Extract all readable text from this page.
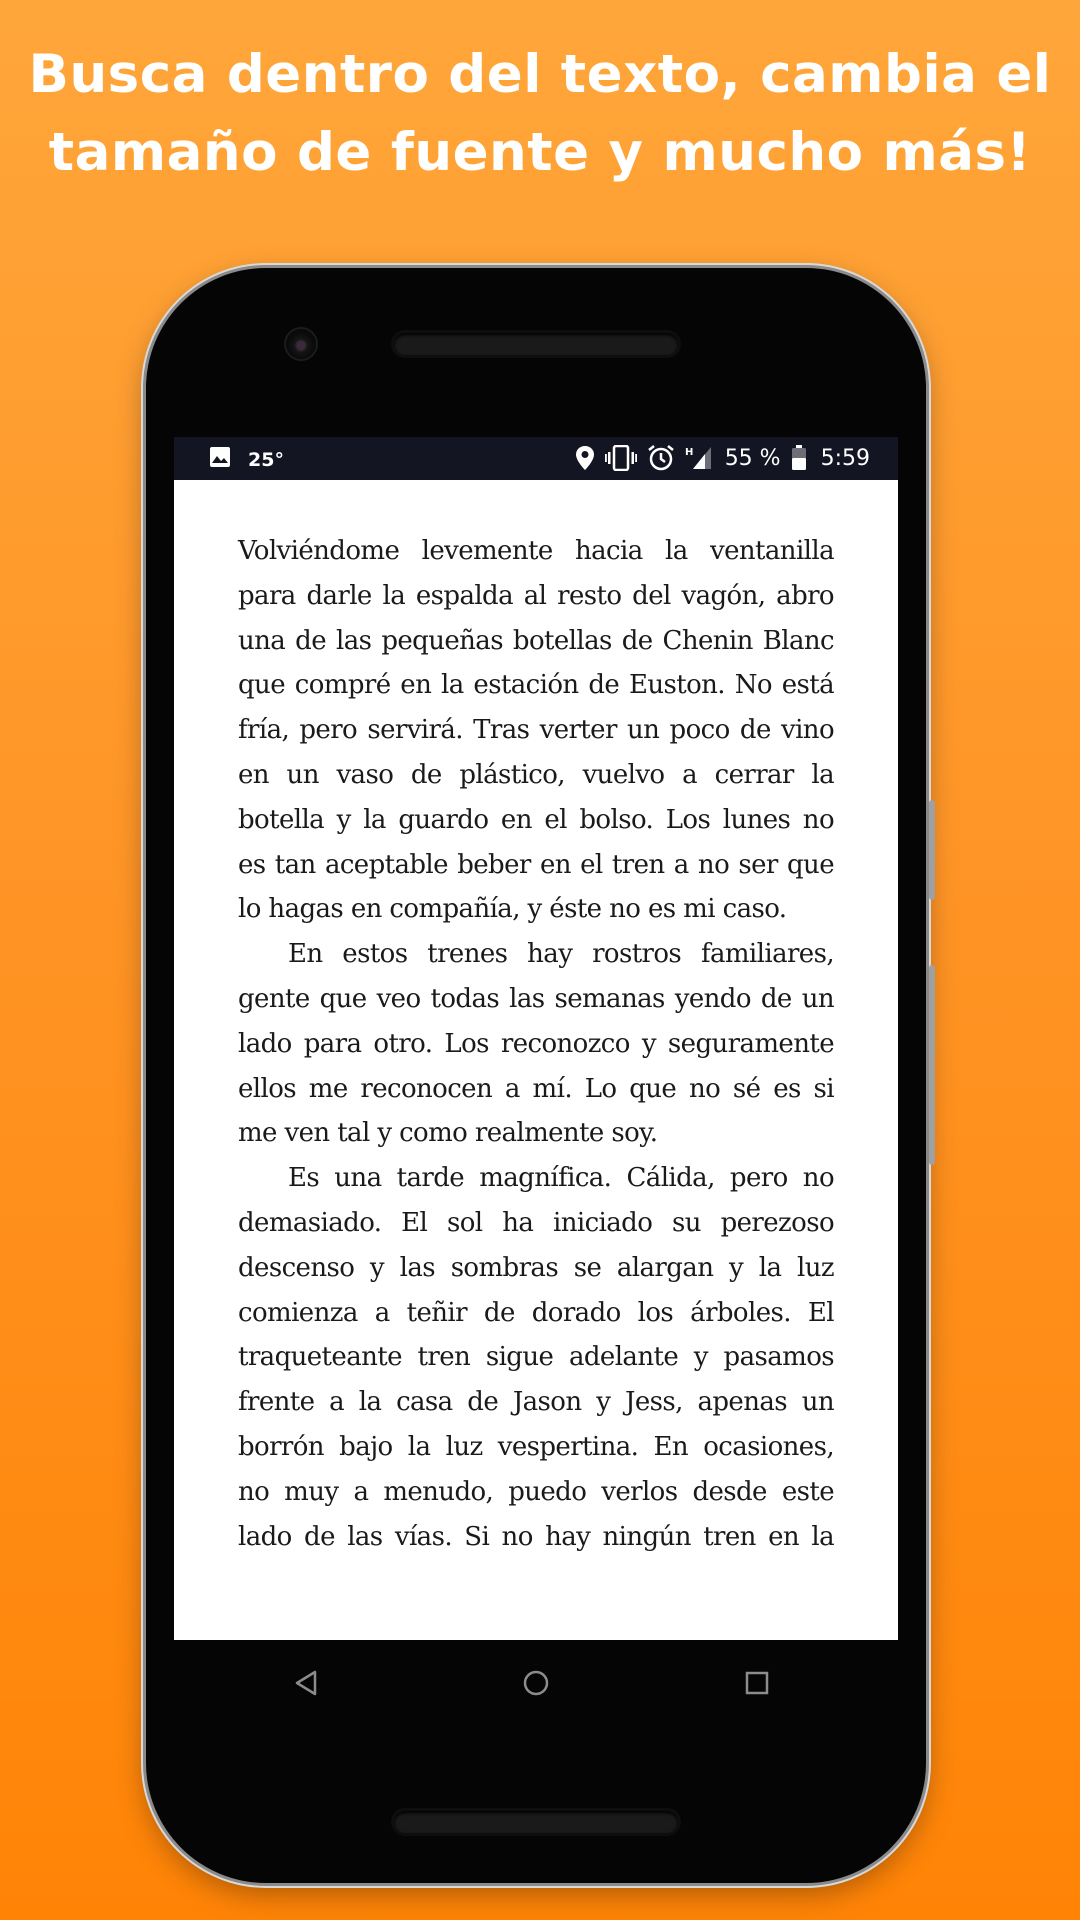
Busca dentro del texto, cambia el
tamaño de fuente y mucho más!
25°	H 55 % 5:59
Volviéndome levemente hacia la ventanilla
para darle la espalda al resto del vagón, abro
una de las pequeñas botellas de Chenin Blanc
que compré en la estación de Euston. No está
fría, pero servirá. Tras verter un poco de vino
en un vaso de plástico, vuelvo a cerrar la
botella y la guardo en el bolso. Los lunes no
es tan aceptable beber en el tren a no ser que
lo hagas en compañía, y éste no es mi caso.
En estos trenes hay rostros familiares,
gente que veo todas las semanas yendo de un
lado para otro. Los reconozco y seguramente
ellos me reconocen a mí. Lo que no sé es si
me ven tal y como realmente soy.
Es una tarde magnífica. Cálida, pero no
demasiado. El sol ha iniciado su perezoso
descenso y las sombras se alargan y la luz
comienza a teñir de dorado los árboles. El
traqueteante tren sigue adelante y pasamos
frente a la casa de Jason y Jess, apenas un
borrón bajo la luz vespertina. En ocasiones,
no muy a menudo, puedo verlos desde este
lado de las vías. Si no hay ningún tren en la
